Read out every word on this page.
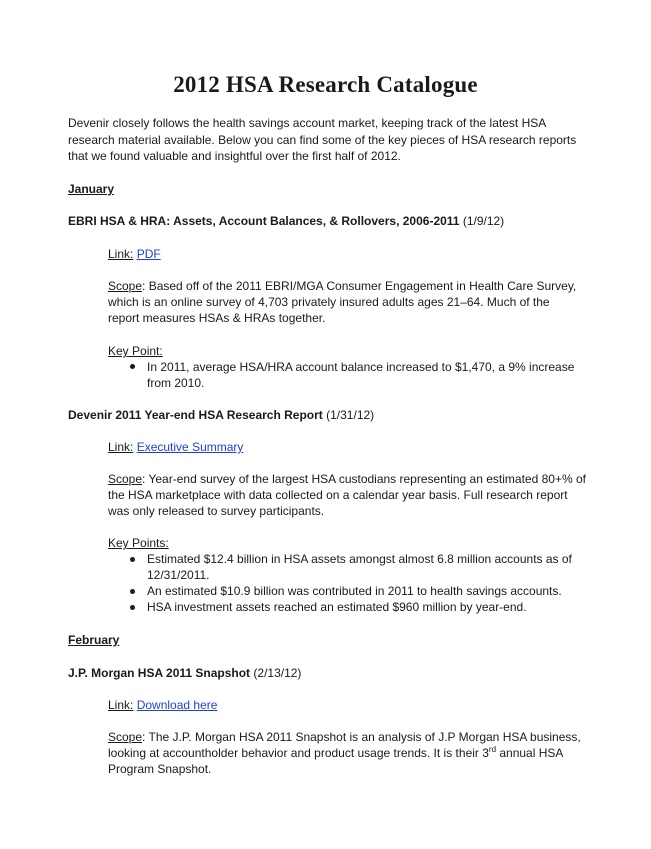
2012 HSA Research Catalogue
Devenir closely follows the health savings account market, keeping track of the latest HSA
research material available. Below you can find some of the key pieces of HSA research reports
that we found valuable and insightful over the first half of 2012.
January
EBRI HSA & HRA: Assets, Account Balances, & Rollovers, 2006-2011 (1/9/12)
Link: PDF
Scope: Based off of the 2011 EBRI/MGA Consumer Engagement in Health Care Survey,
which is an online survey of 4,703 privately insured adults ages 21–64. Much of the
report measures HSAs & HRAs together.
Key Point:
In 2011, average HSA/HRA account balance increased to $1,470, a 9% increase
from 2010.
Devenir 2011 Year-end HSA Research Report (1/31/12)
Link: Executive Summary
Scope: Year-end survey of the largest HSA custodians representing an estimated 80+% of
the HSA marketplace with data collected on a calendar year basis. Full research report
was only released to survey participants.
Key Points:
Estimated $12.4 billion in HSA assets amongst almost 6.8 million accounts as of
12/31/2011.
An estimated $10.9 billion was contributed in 2011 to health savings accounts.
HSA investment assets reached an estimated $960 million by year-end.
February
J.P. Morgan HSA 2011 Snapshot (2/13/12)
Link: Download here
Scope: The J.P. Morgan HSA 2011 Snapshot is an analysis of J.P Morgan HSA business,
looking at accountholder behavior and product usage trends. It is their 3rd annual HSA
Program Snapshot.
